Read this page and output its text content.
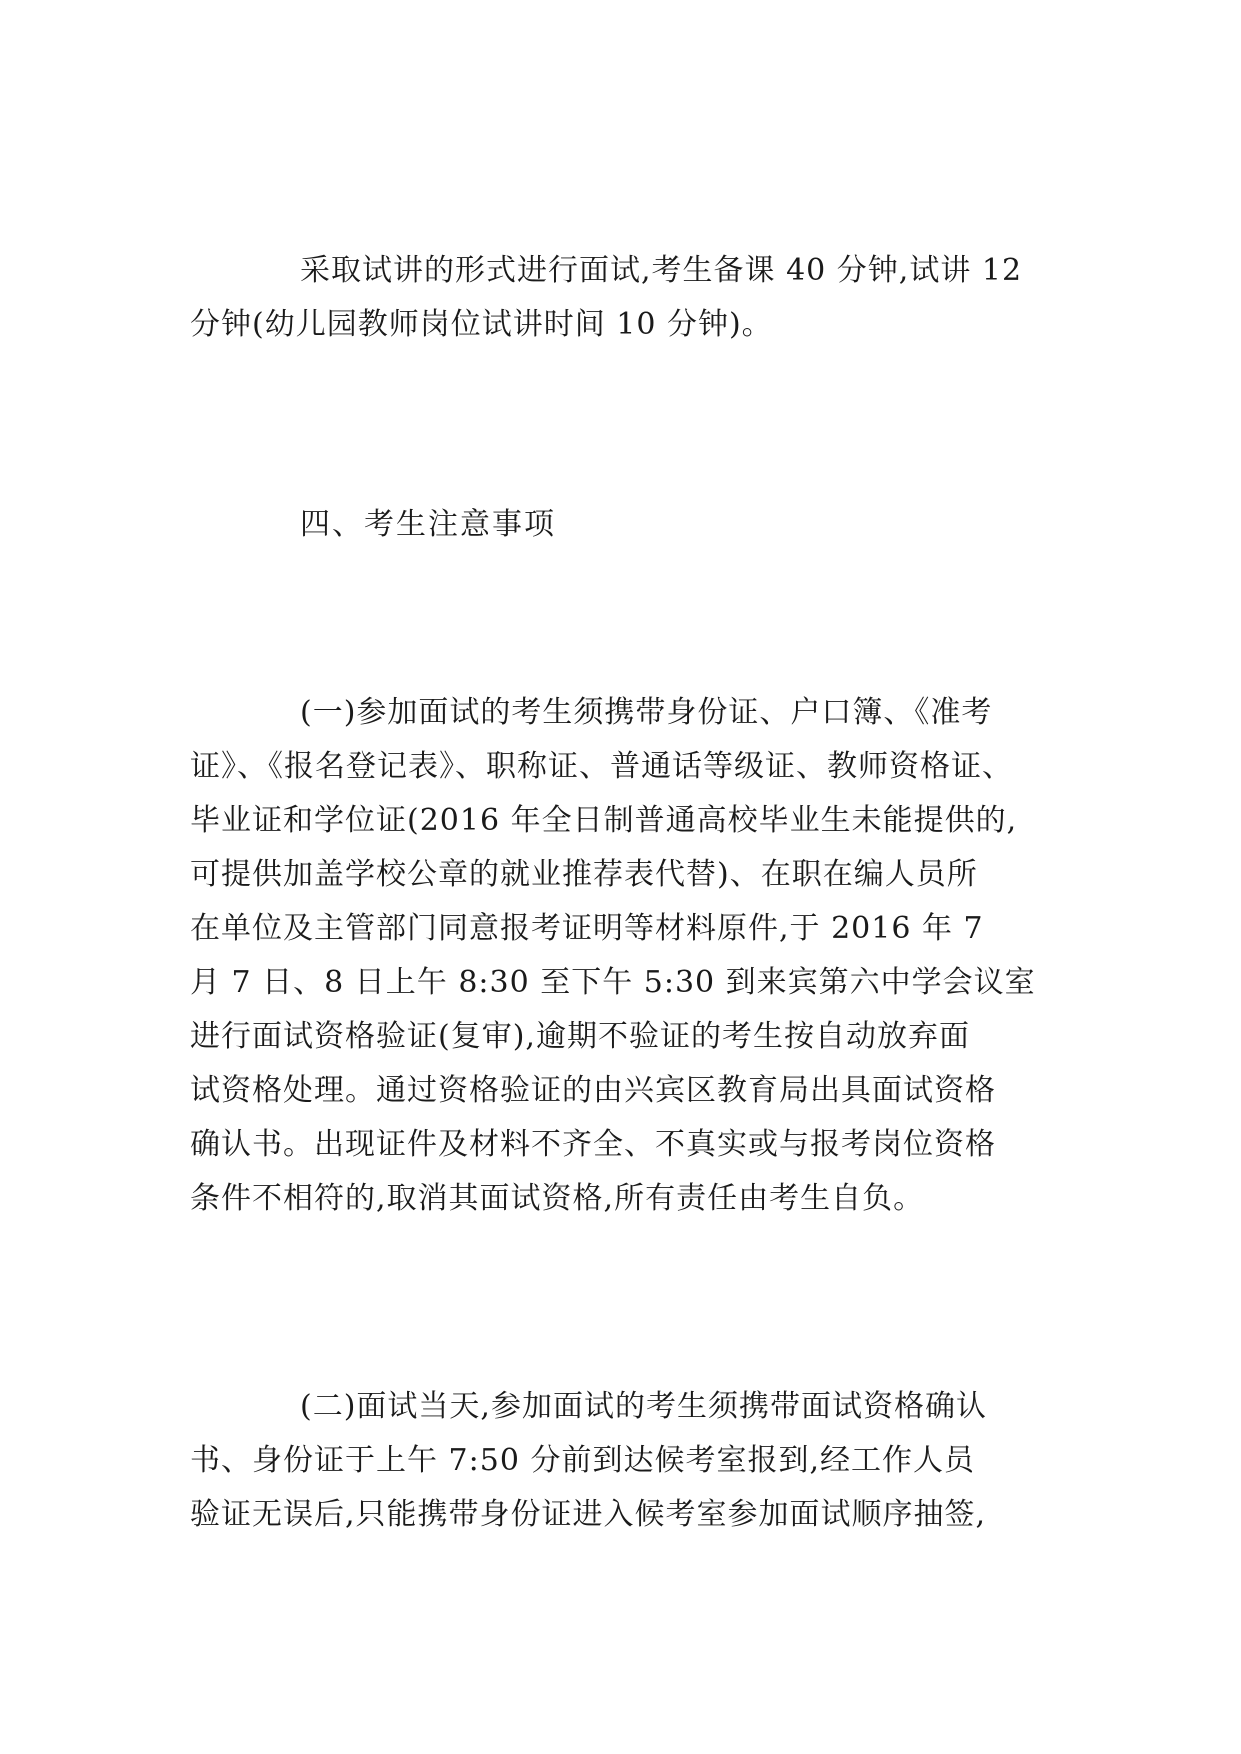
采取试讲的形式进行面试,考生备课 40 分钟,试讲 12
分钟(幼儿园教师岗位试讲时间 10 分钟)。
四、考生注意事项
(一)参加面试的考生须携带身份证、户口簿、《准考
证》、《报名登记表》、职称证、普通话等级证、教师资格证、
毕业证和学位证(2016 年全日制普通高校毕业生未能提供的,
可提供加盖学校公章的就业推荐表代替)、在职在编人员所
在单位及主管部门同意报考证明等材料原件,于 2016 年 7
月 7 日、8 日上午 8:30 至下午 5:30 到来宾第六中学会议室
进行面试资格验证(复审),逾期不验证的考生按自动放弃面
试资格处理。通过资格验证的由兴宾区教育局出具面试资格
确认书。出现证件及材料不齐全、不真实或与报考岗位资格
条件不相符的,取消其面试资格,所有责任由考生自负。
(二)面试当天,参加面试的考生须携带面试资格确认
书、身份证于上午 7:50 分前到达候考室报到,经工作人员
验证无误后,只能携带身份证进入候考室参加面试顺序抽签,
